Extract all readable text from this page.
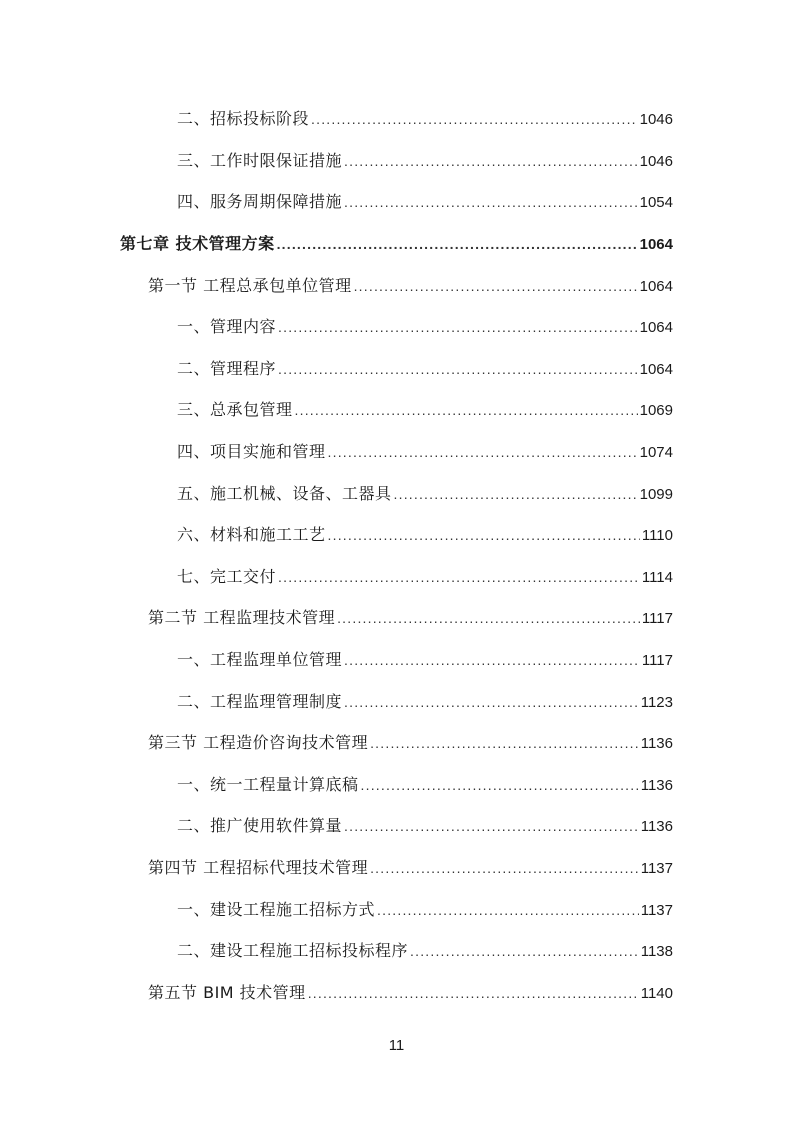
二、招标投标阶段 .....	1046
三、工作时限保证措施 .....	1046
四、服务周期保障措施 .....	1054
第七章 技术管理方案 .....	1064
第一节 工程总承包单位管理 .....	1064
一、管理内容 .....	1064
二、管理程序 .....	1064
三、总承包管理 .....	1069
四、项目实施和管理 .....	1074
五、施工机械、设备、工器具 .....	1099
六、材料和施工工艺 .....	1110
七、完工交付 .....	1114
第二节 工程监理技术管理 .....	1117
一、工程监理单位管理 .....	1117
二、工程监理管理制度 .....	1123
第三节 工程造价咨询技术管理 .....	1136
一、统一工程量计算底稿 .....	1136
二、推广使用软件算量 .....	1136
第四节 工程招标代理技术管理 .....	1137
一、建设工程施工招标方式 .....	1137
二、建设工程施工招标投标程序 .....	1138
第五节 BIM 技术管理 .....	1140
11
